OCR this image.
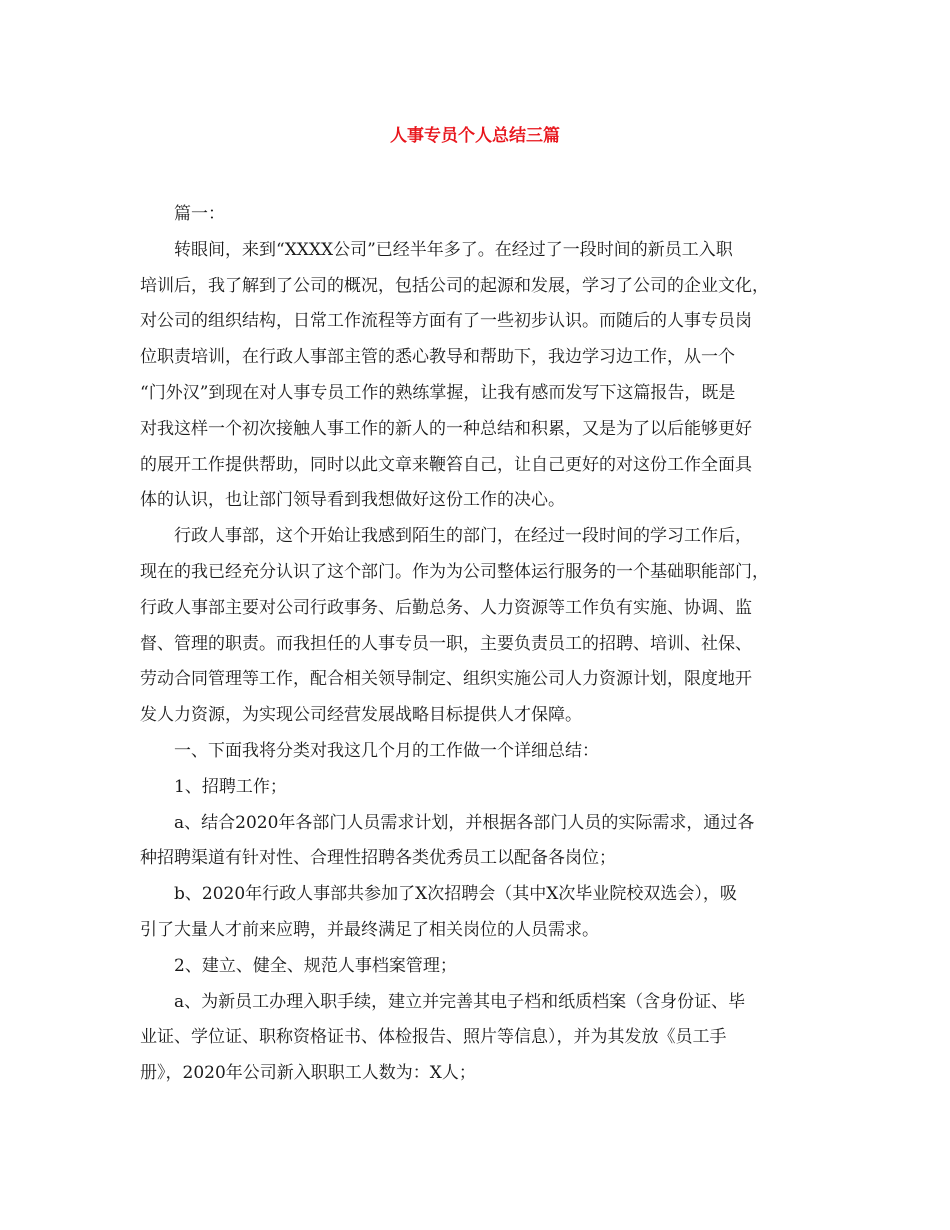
人事专员个人总结三篇
篇一：
转眼间，来到“XXXX公司”已经半年多了。在经过了一段时间的新员工入职
培训后，我了解到了公司的概况，包括公司的起源和发展，学习了公司的企业文化，
对公司的组织结构，日常工作流程等方面有了一些初步认识。而随后的人事专员岗
位职责培训，在行政人事部主管的悉心教导和帮助下，我边学习边工作，从一个
“门外汉”到现在对人事专员工作的熟练掌握，让我有感而发写下这篇报告，既是
对我这样一个初次接触人事工作的新人的一种总结和积累，又是为了以后能够更好
的展开工作提供帮助，同时以此文章来鞭笞自己，让自己更好的对这份工作全面具
体的认识，也让部门领导看到我想做好这份工作的决心。
行政人事部，这个开始让我感到陌生的部门，在经过一段时间的学习工作后，
现在的我已经充分认识了这个部门。作为为公司整体运行服务的一个基础职能部门，
行政人事部主要对公司行政事务、后勤总务、人力资源等工作负有实施、协调、监
督、管理的职责。而我担任的人事专员一职，主要负责员工的招聘、培训、社保、
劳动合同管理等工作，配合相关领导制定、组织实施公司人力资源计划，限度地开
发人力资源，为实现公司经营发展战略目标提供人才保障。
一、下面我将分类对我这几个月的工作做一个详细总结：
1、招聘工作；
a、结合2020年各部门人员需求计划，并根据各部门人员的实际需求，通过各
种招聘渠道有针对性、合理性招聘各类优秀员工以配备各岗位；
b、2020年行政人事部共参加了X次招聘会（其中X次毕业院校双选会），吸
引了大量人才前来应聘，并最终满足了相关岗位的人员需求。
2、建立、健全、规范人事档案管理；
a、为新员工办理入职手续，建立并完善其电子档和纸质档案（含身份证、毕
业证、学位证、职称资格证书、体检报告、照片等信息），并为其发放《员工手
册》，2020年公司新入职职工人数为：X人；
